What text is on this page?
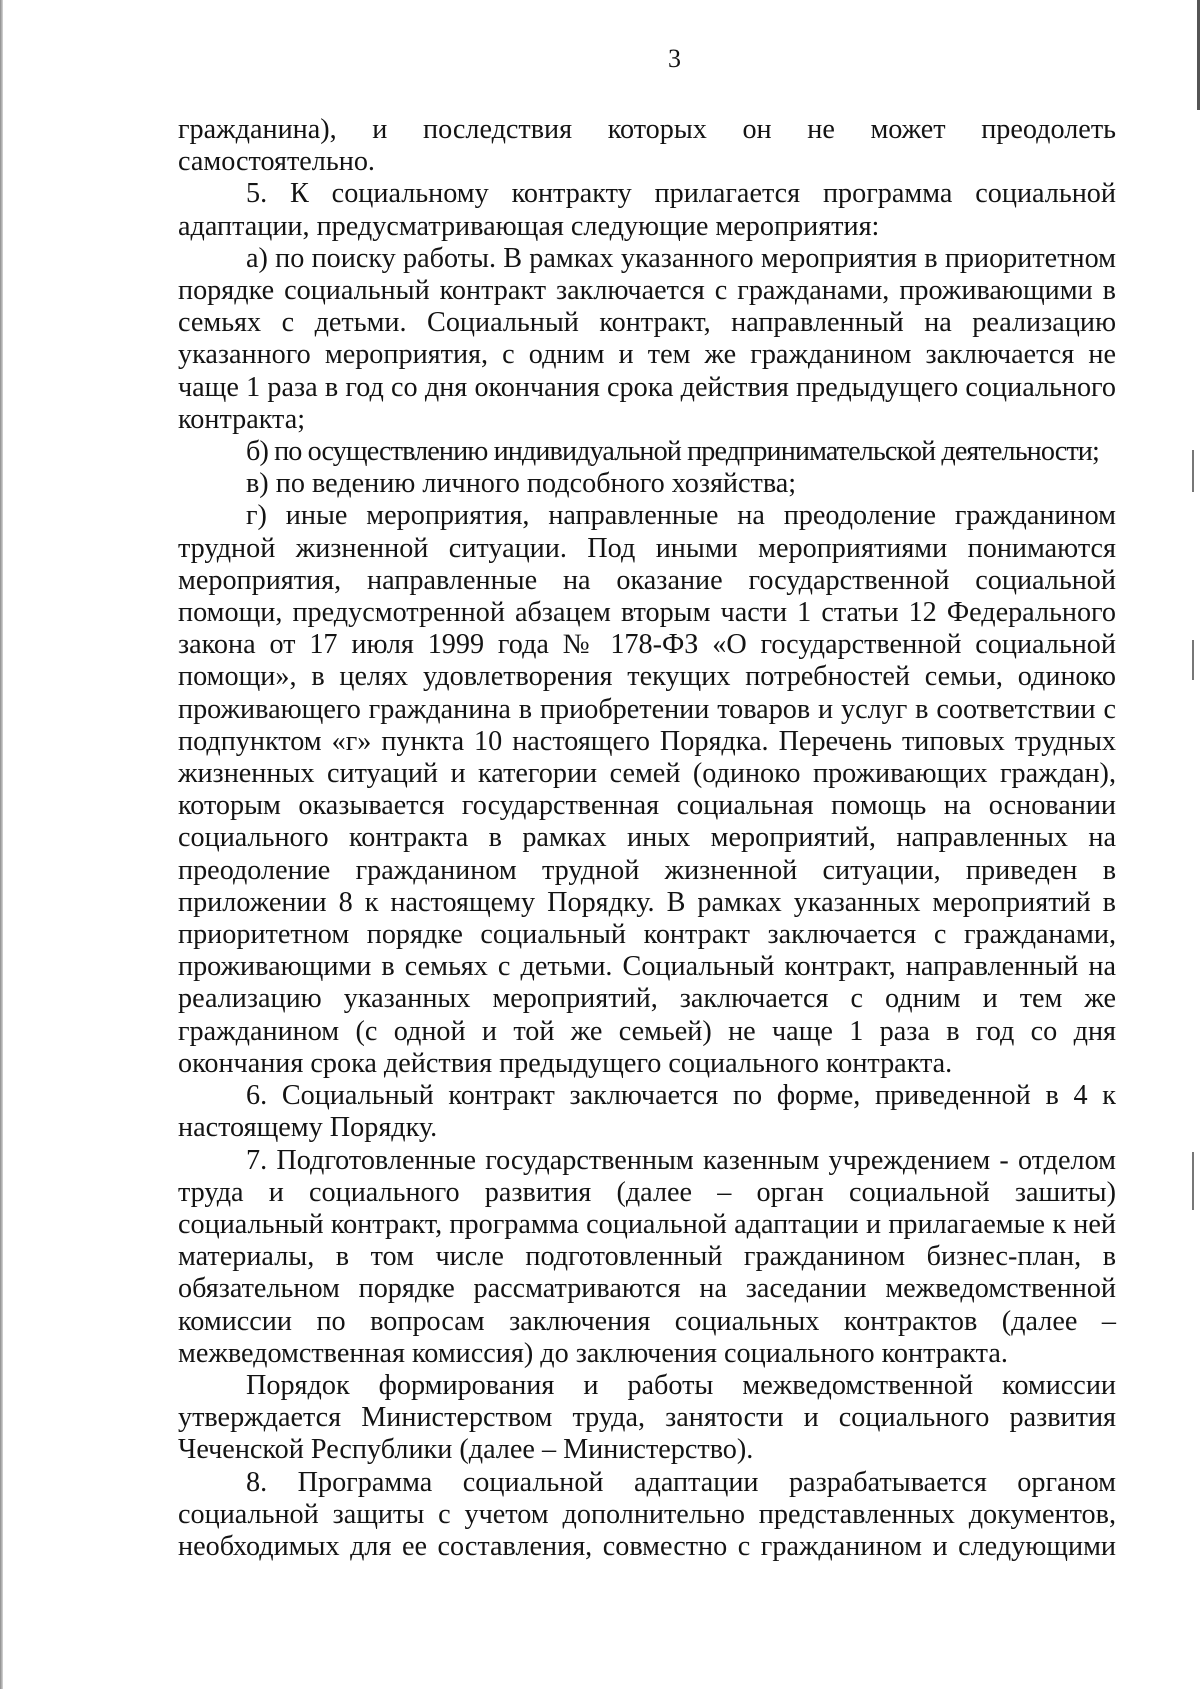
3

гражданина), и последствия которых он не может преодолеть самостоятельно.

5. К социальному контракту прилагается программа социальной адаптации, предусматривающая следующие мероприятия:

а) по поиску работы. В рамках указанного мероприятия в приоритетном порядке социальный контракт заключается с гражданами, проживающими в семьях с детьми. Социальный контракт, направленный на реализацию указанного мероприятия, с одним и тем же гражданином заключается не чаще 1 раза в год со дня окончания срока действия предыдущего социального контракта;

б) по осуществлению индивидуальной предпринимательской деятельности;

в) по ведению личного подсобного хозяйства;

г) иные мероприятия, направленные на преодоление гражданином трудной жизненной ситуации. Под иными мероприятиями понимаются мероприятия, направленные на оказание государственной социальной помощи, предусмотренной абзацем вторым части 1 статьи 12 Федерального закона от 17 июля 1999 года № 178-ФЗ «О государственной социальной помощи», в целях удовлетворения текущих потребностей семьи, одиноко проживающего гражданина в приобретении товаров и услуг в соответствии с подпунктом «г» пункта 10 настоящего Порядка. Перечень типовых трудных жизненных ситуаций и категории семей (одиноко проживающих граждан), которым оказывается государственная социальная помощь на основании социального контракта в рамках иных мероприятий, направленных на преодоление гражданином трудной жизненной ситуации, приведен в приложении 8 к настоящему Порядку. В рамках указанных мероприятий в приоритетном порядке социальный контракт заключается с гражданами, проживающими в семьях с детьми. Социальный контракт, направленный на реализацию указанных мероприятий, заключается с одним и тем же гражданином (с одной и той же семьей) не чаще 1 раза в год со дня окончания срока действия предыдущего социального контракта.

6. Социальный контракт заключается по форме, приведенной в 4 к настоящему Порядку.

7. Подготовленные государственным казенным учреждением - отделом труда и социального развития (далее – орган социальной зашиты) социальный контракт, программа социальной адаптации и прилагаемые к ней материалы, в том числе подготовленный гражданином бизнес-план, в обязательном порядке рассматриваются на заседании межведомственной комиссии по вопросам заключения социальных контрактов (далее – межведомственная комиссия) до заключения социального контракта.

Порядок формирования и работы межведомственной комиссии утверждается Министерством труда, занятости и социального развития Чеченской Республики (далее – Министерство).

8. Программа социальной адаптации разрабатывается органом социальной защиты с учетом дополнительно представленных документов, необходимых для ее составления, совместно с гражданином и следующими
